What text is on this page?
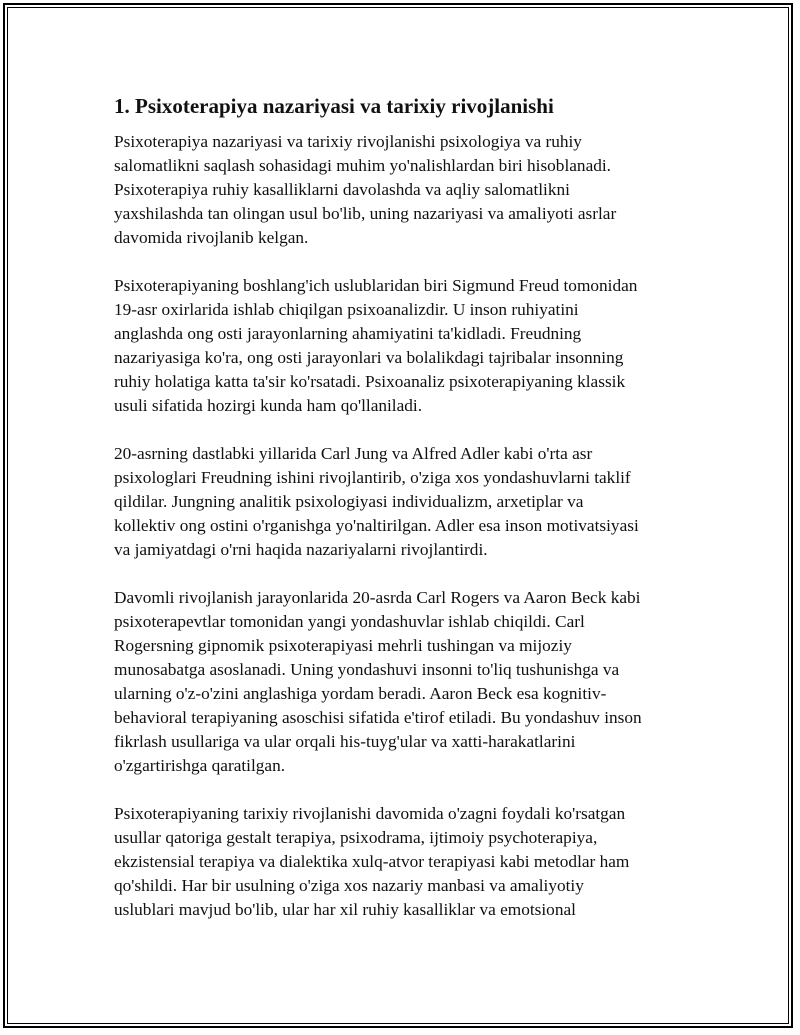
1. Psixoterapiya nazariyasi va tarixiy rivojlanishi

Psixoterapiya nazariyasi va tarixiy rivojlanishi psixologiya va ruhiy
salomatlikni saqlash sohasidagi muhim yo'nalishlardan biri hisoblanadi.
Psixoterapiya ruhiy kasalliklarni davolashda va aqliy salomatlikni
yaxshilashda tan olingan usul bo'lib, uning nazariyasi va amaliyoti asrlar
davomida rivojlanib kelgan.

Psixoterapiyaning boshlang'ich uslublaridan biri Sigmund Freud tomonidan
19-asr oxirlarida ishlab chiqilgan psixoanalizdir. U inson ruhiyatini
anglashda ong osti jarayonlarning ahamiyatini ta'kidladi. Freudning
nazariyasiga ko'ra, ong osti jarayonlari va bolalikdagi tajribalar insonning
ruhiy holatiga katta ta'sir ko'rsatadi. Psixoanaliz psixoterapiyaning klassik
usuli sifatida hozirgi kunda ham qo'llaniladi.

20-asrning dastlabki yillarida Carl Jung va Alfred Adler kabi o'rta asr
psixologlari Freudning ishini rivojlantirib, o'ziga xos yondashuvlarni taklif
qildilar. Jungning analitik psixologiyasi individualizm, arxetiplar va
kollektiv ong ostini o'rganishga yo'naltirilgan. Adler esa inson motivatsiyasi
va jamiyatdagi o'rni haqida nazariyalarni rivojlantirdi.

Davomli rivojlanish jarayonlarida 20-asrda Carl Rogers va Aaron Beck kabi
psixoterapevtlar tomonidan yangi yondashuvlar ishlab chiqildi. Carl
Rogersning gipnomik psixoterapiyasi mehrli tushingan va mijoziy
munosabatga asoslanadi. Uning yondashuvi insonni to'liq tushunishga va
ularning o'z-o'zini anglashiga yordam beradi. Aaron Beck esa kognitiv-
behavioral terapiyaning asoschisi sifatida e'tirof etiladi. Bu yondashuv inson
fikrlash usullariga va ular orqali his-tuyg'ular va xatti-harakatlarini
o'zgartirishga qaratilgan.

Psixoterapiyaning tarixiy rivojlanishi davomida o'zagni foydali ko'rsatgan
usullar qatoriga gestalt terapiya, psixodrama, ijtimoiy psychoterapiya,
ekzistensial terapiya va dialektika xulq-atvor terapiyasi kabi metodlar ham
qo'shildi. Har bir usulning o'ziga xos nazariy manbasi va amaliyotiy
uslublari mavjud bo'lib, ular har xil ruhiy kasalliklar va emotsional
